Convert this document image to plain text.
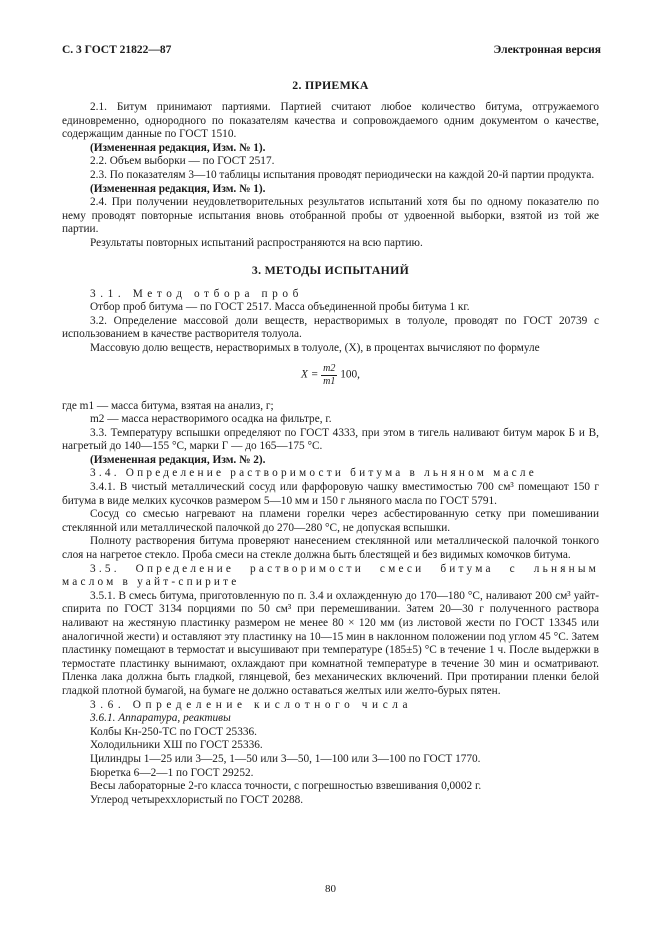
С. 3 ГОСТ 21822—87	Электронная версия
2. ПРИЕМКА

2.1. Битум принимают партиями. Партией считают любое количество битума, отгружаемого единовременно, однородного по показателям качества и сопровождаемого одним документом о качестве, содержащим данные по ГОСТ 1510.

(Измененная редакция, Изм. № 1).

2.2. Объем выборки — по ГОСТ 2517.

2.3. По показателям 3—10 таблицы испытания проводят периодически на каждой 20-й партии продукта.

(Измененная редакция, Изм. № 1).

2.4. При получении неудовлетворительных результатов испытаний хотя бы по одному показателю по нему проводят повторные испытания вновь отобранной пробы от удвоенной выборки, взятой из той же партии.

Результаты повторных испытаний распространяются на всю партию.

3. МЕТОДЫ ИСПЫТАНИЙ

3.1. Метод отбора проб

Отбор проб битума — по ГОСТ 2517. Масса объединенной пробы битума 1 кг.

3.2. Определение массовой доли веществ, нерастворимых в толуоле, проводят по ГОСТ 20739 с использованием в качестве растворителя толуола.

Массовую долю веществ, нерастворимых в толуоле, (X), в процентах вычисляют по формуле

$X = \frac{m2}{m1} 100$,

где m1 — масса битума, взятая на анализ, г;

m2 — масса нерастворимого осадка на фильтре, г.

3.3. Температуру вспышки определяют по ГОСТ 4333, при этом в тигель наливают битум марок Б и В, нагретый до 140—155 °С, марки Г — до 165—175 °С.

(Измененная редакция, Изм. № 2).

3.4. Определение растворимости битума в льняном масле

3.4.1. В чистый металлический сосуд или фарфоровую чашку вместимостью 700 см³ помещают 150 г битума в виде мелких кусочков размером 5—10 мм и 150 г льняного масла по ГОСТ 5791.

Сосуд со смесью нагревают на пламени горелки через асбестированную сетку при помешивании стеклянной или металлической палочкой до 270—280 °С, не допуская вспышки.

Полноту растворения битума проверяют нанесением стеклянной или металлической палочкой тонкого слоя на нагретое стекло. Проба смеси на стекле должна быть блестящей и без видимых комочков битума.

3.5. Определение растворимости смеси битума с льняным маслом в уайт-спирите

3.5.1. В смесь битума, приготовленную по п. 3.4 и охлажденную до 170—180 °С, наливают 200 см³ уайт-спирита по ГОСТ 3134 порциями по 50 см³ при перемешивании. Затем 20—30 г полученного раствора наливают на жестяную пластинку размером не менее 80 × 120 мм (из листовой жести по ГОСТ 13345 или аналогичной жести) и оставляют эту пластинку на 10—15 мин в наклонном положении под углом 45 °С. Затем пластинку помещают в термостат и высушивают при температуре (185±5) °С в течение 1 ч. После выдержки в термостате пластинку вынимают, охлаждают при комнатной температуре в течение 30 мин и осматривают. Пленка лака должна быть гладкой, глянцевой, без механических включений. При протирании пленки белой гладкой плотной бумагой, на бумаге не должно оставаться желтых или желто-бурых пятен.

3.6. Определение кислотного числа

3.6.1. Аппаратура, реактивы

Колбы Кн-250-ТС по ГОСТ 25336.

Холодильники ХШ по ГОСТ 25336.

Цилиндры 1—25 или 3—25, 1—50 или 3—50, 1—100 или 3—100 по ГОСТ 1770.

Бюретка 6—2—1 по ГОСТ 29252.

Весы лабораторные 2-го класса точности, с погрешностью взвешивания 0,0002 г.

Углерод четыреххлористый по ГОСТ 20288.

80
